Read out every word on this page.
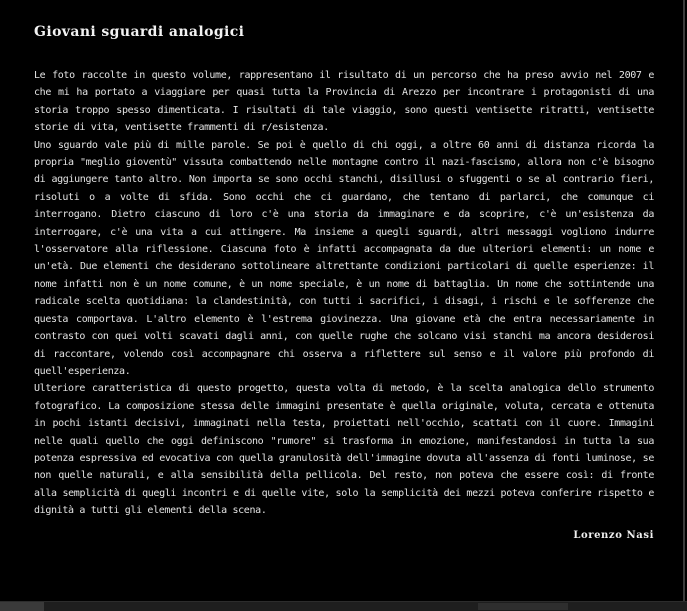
Giovani sguardi analogici

Le foto raccolte in questo volume, rappresentano il risultato di un percorso che ha preso avvio nel 2007 e che mi ha portato a viaggiare per quasi tutta la Provincia di Arezzo per incontrare i protagonisti di una storia troppo spesso dimenticata. I risultati di tale viaggio, sono questi ventisette ritratti, ventisette storie di vita, ventisette frammenti di r/esistenza.

Uno sguardo vale più di mille parole. Se poi è quello di chi oggi, a oltre 60 anni di distanza ricorda la propria "meglio gioventù" vissuta combattendo nelle montagne contro il nazi-fascismo, allora non c'è bisogno di aggiungere tanto altro. Non importa se sono occhi stanchi, disillusi o sfuggenti o se al contrario fieri, risoluti o a volte di sfida. Sono occhi che ci guardano, che tentano di parlarci, che comunque ci interrogano. Dietro ciascuno di loro c'è una storia da immaginare e da scoprire, c'è un'esistenza da interrogare, c'è una vita a cui attingere. Ma insieme a quegli sguardi, altri messaggi vogliono indurre l'osservatore alla riflessione. Ciascuna foto è infatti accompagnata da due ulteriori elementi: un nome e un'età. Due elementi che desiderano sottolineare altrettante condizioni particolari di quelle esperienze: il nome infatti non è un nome comune, è un nome speciale, è un nome di battaglia. Un nome che sottintende una radicale scelta quotidiana: la clandestinità, con tutti i sacrifici, i disagi, i rischi e le sofferenze che questa comportava. L'altro elemento è l'estrema giovinezza. Una giovane età che entra necessariamente in contrasto con quei volti scavati dagli anni, con quelle rughe che solcano visi stanchi ma ancora desiderosi di raccontare, volendo così accompagnare chi osserva a riflettere sul senso e il valore più profondo di quell'esperienza.

Ulteriore caratteristica di questo progetto, questa volta di metodo, è la scelta analogica dello strumento fotografico. La composizione stessa delle immagini presentate è quella originale, voluta, cercata e ottenuta in pochi istanti decisivi, immaginati nella testa, proiettati nell'occhio, scattati con il cuore. Immagini nelle quali quello che oggi definiscono "rumore" si trasforma in emozione, manifestandosi in tutta la sua potenza espressiva ed evocativa con quella granulosità dell'immagine dovuta all'assenza di fonti luminose, se non quelle naturali, e alla sensibilità della pellicola. Del resto, non poteva che essere così: di fronte alla semplicità di quegli incontri e di quelle vite, solo la semplicità dei mezzi poteva conferire rispetto e dignità a tutti gli elementi della scena.

Lorenzo Nasi
